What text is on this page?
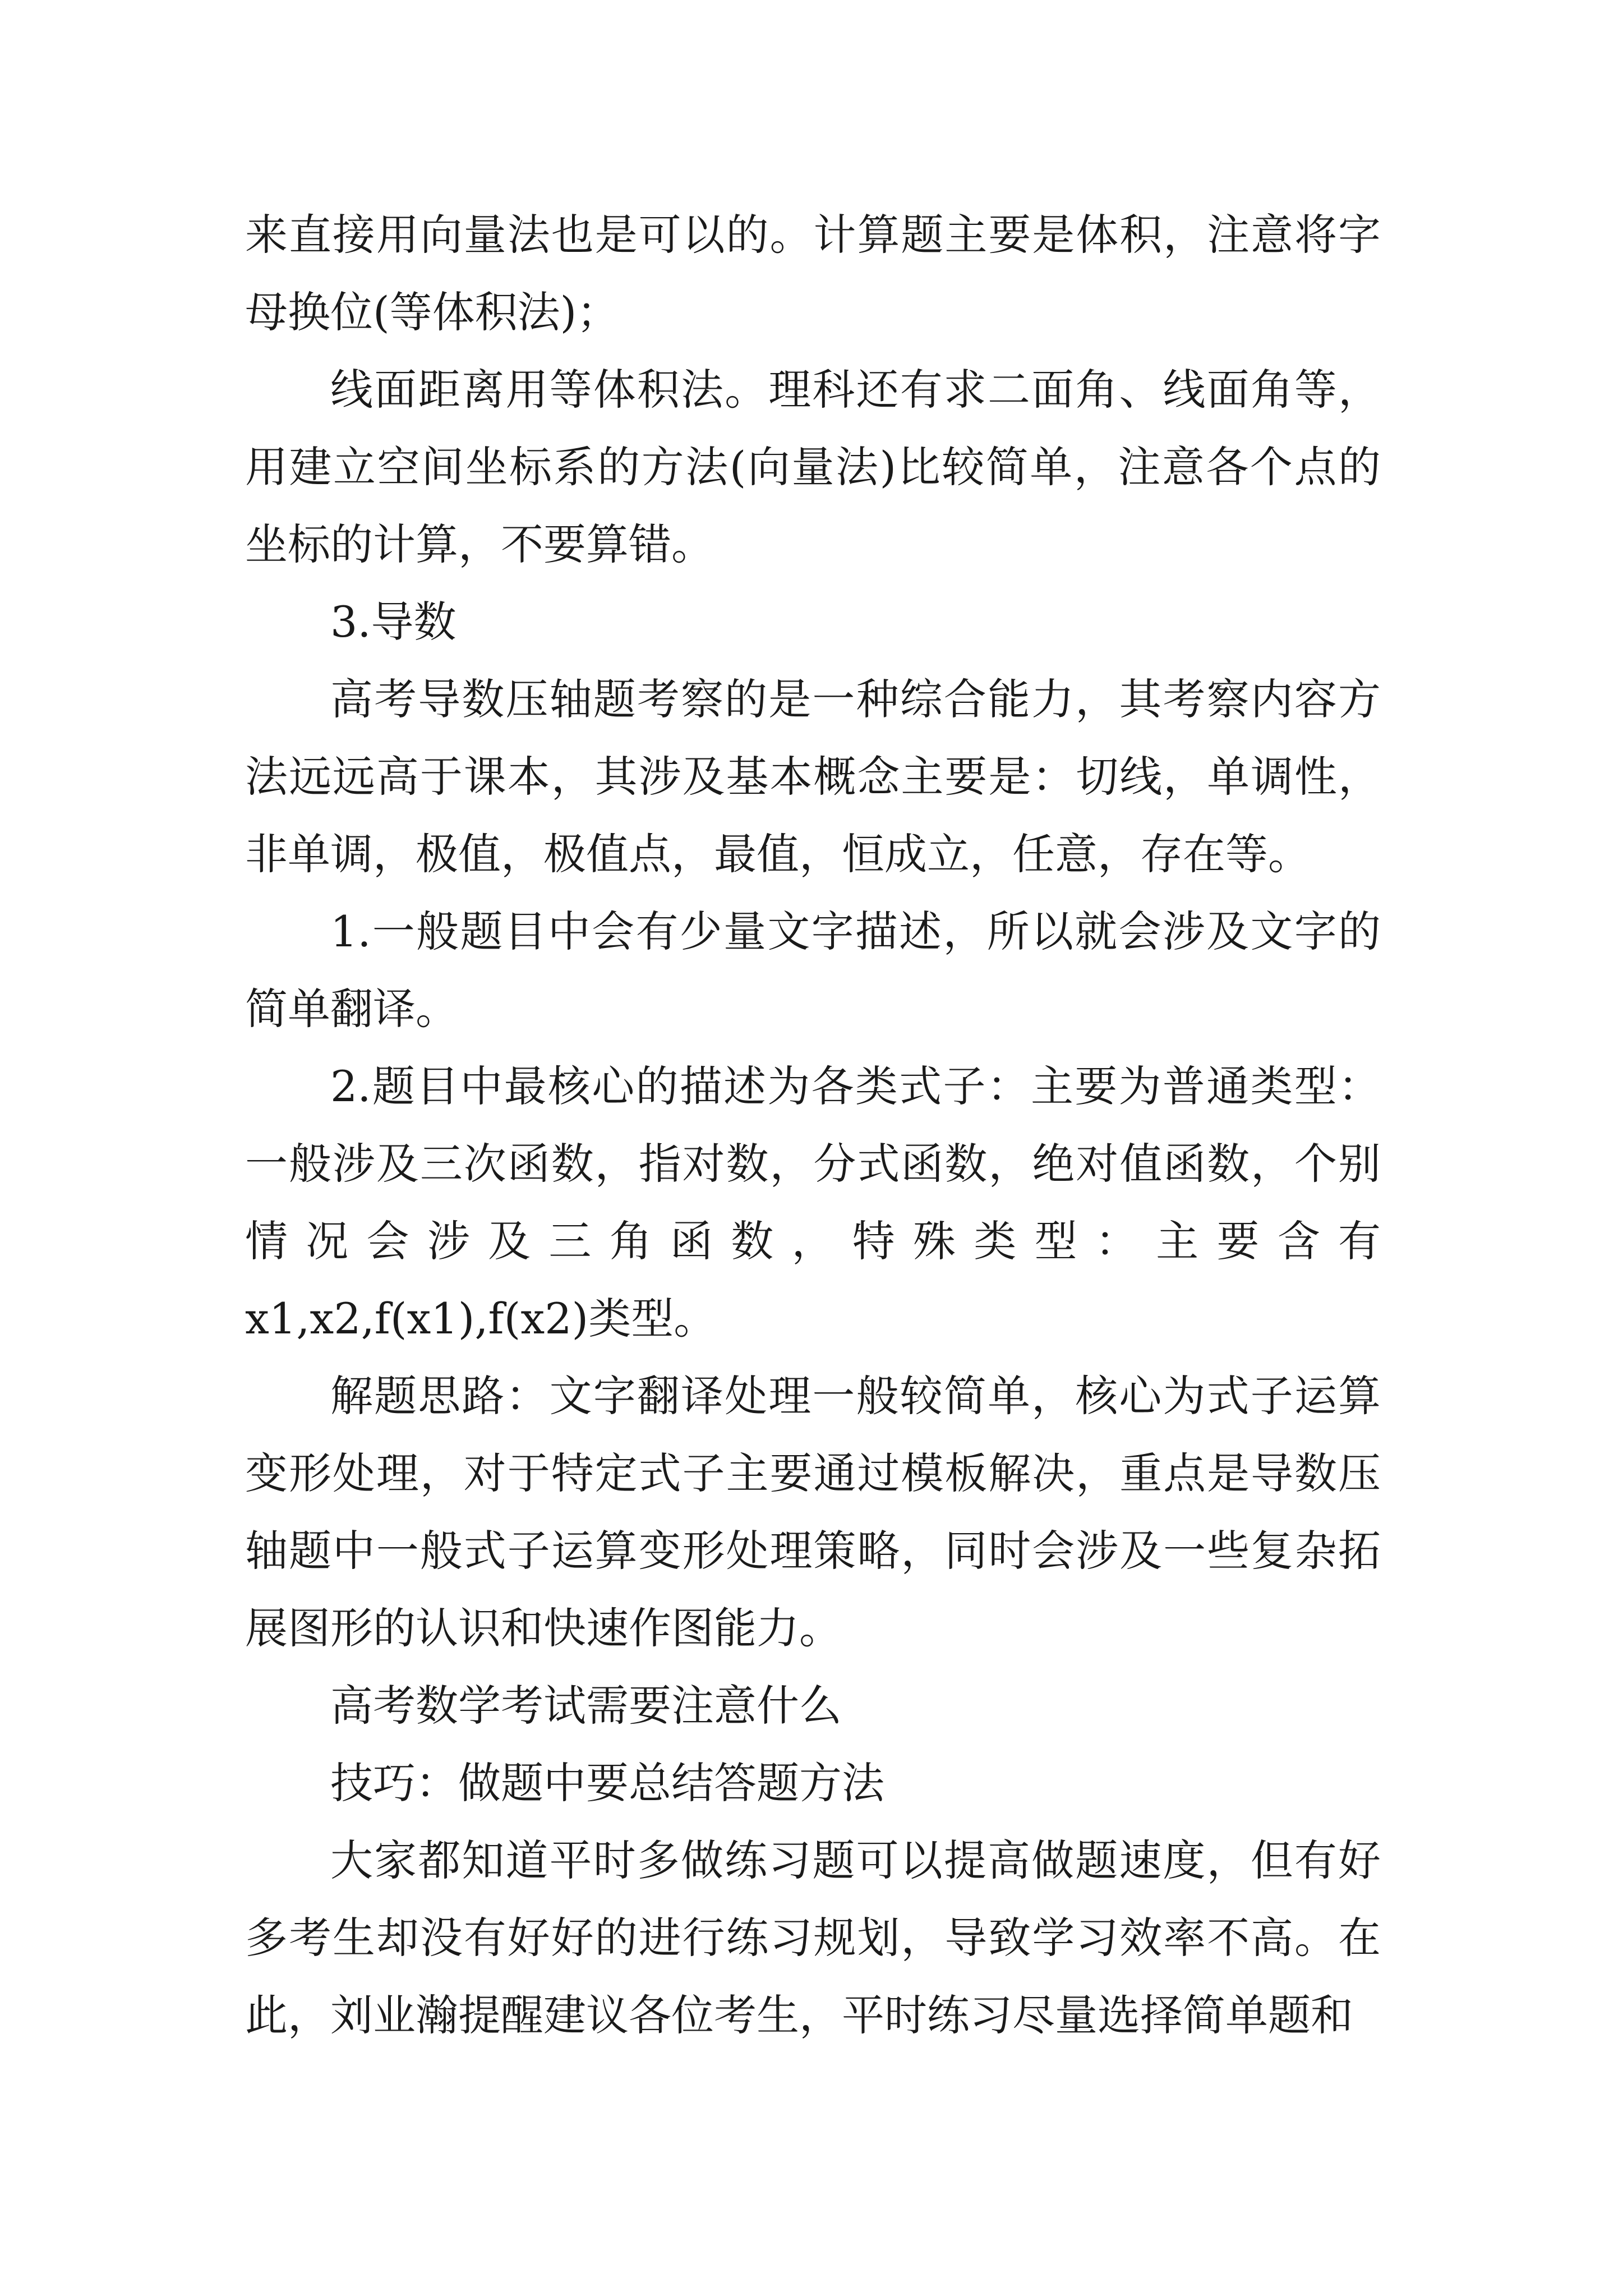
来直接用向量法也是可以的。计算题主要是体积，注意将字母换位(等体积法)；

线面距离用等体积法。理科还有求二面角、线面角等，用建立空间坐标系的方法(向量法)比较简单，注意各个点的坐标的计算，不要算错。

3.导数

高考导数压轴题考察的是一种综合能力，其考察内容方法远远高于课本，其涉及基本概念主要是：切线，单调性，非单调，极值，极值点，最值，恒成立，任意，存在等。

1.一般题目中会有少量文字描述，所以就会涉及文字的简单翻译。

2.题目中最核心的描述为各类式子：主要为普通类型：一般涉及三次函数，指对数，分式函数，绝对值函数，个别情况会涉及三角函数，特殊类型：主要含有

x1,x2,f(x1),f(x2)类型。

解题思路：文字翻译处理一般较简单，核心为式子运算变形处理，对于特定式子主要通过模板解决，重点是导数压轴题中一般式子运算变形处理策略，同时会涉及一些复杂拓展图形的认识和快速作图能力。

高考数学考试需要注意什么

技巧：做题中要总结答题方法

大家都知道平时多做练习题可以提高做题速度，但有好多考生却没有好好的进行练习规划，导致学习效率不高。在此，刘业瀚提醒建议各位考生，平时练习尽量选择简单题和
